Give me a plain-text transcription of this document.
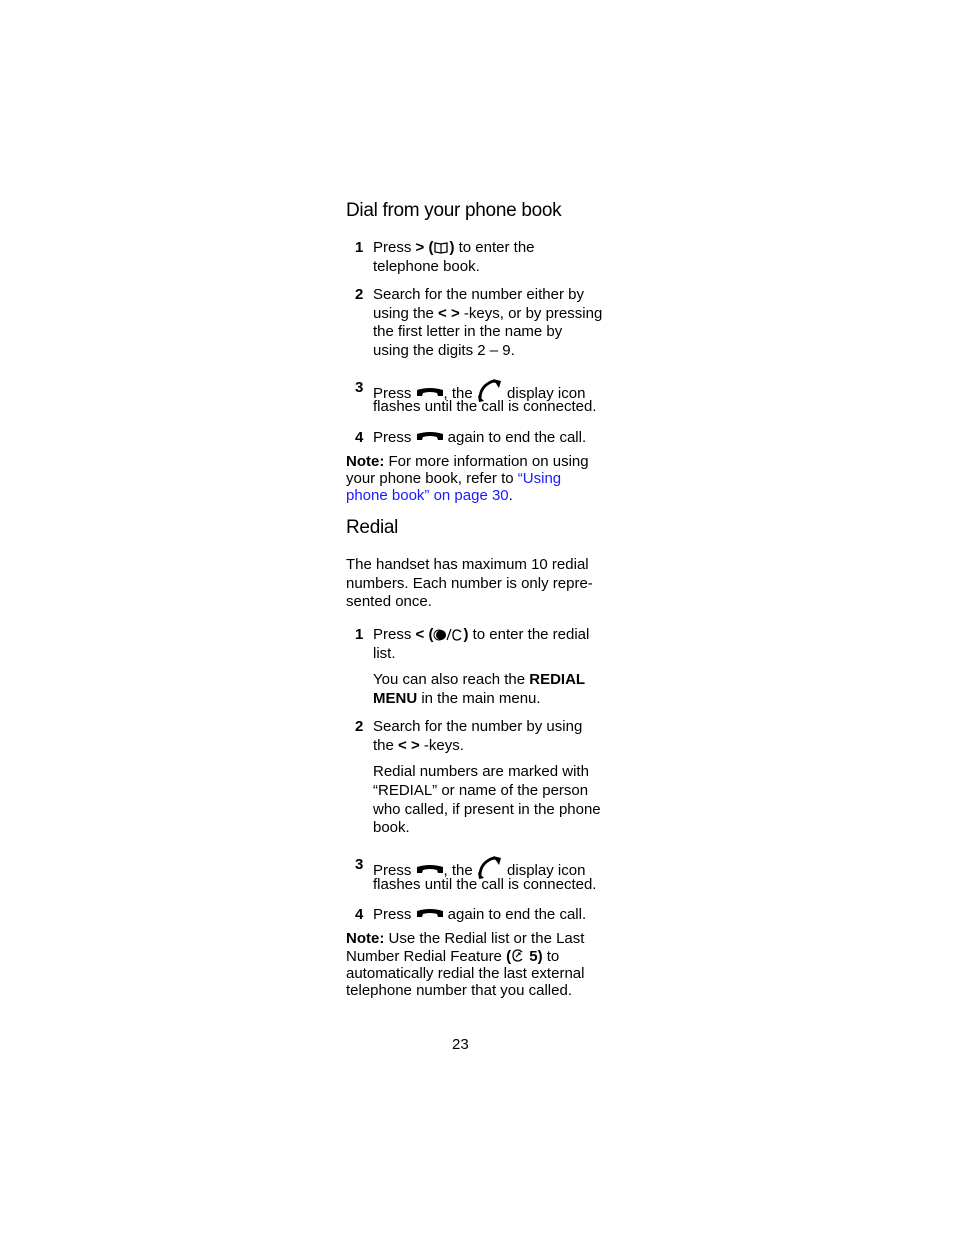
Dial from your phone book
1 Press > ( ) to enter the
telephone book.
2 Search for the number either by
using the < > -keys, or by pressing
the first letter in the name by
using the digits 2 – 9.
3 Press , the  display icon
flashes until the call is connected.
4 Press  again to end the call.
Note: For more information on using
your phone book, refer to “Using
phone book” on page 30.
Redial
The handset has maximum 10 redial
numbers. Each number is only repre-
sented once.
1 Press < ( ) to enter the redial
list.
You can also reach the REDIAL
MENU in the main menu.
2 Search for the number by using
the < > -keys.
Redial numbers are marked with
“REDIAL” or name of the person
who called, if present in the phone
book.
3 Press , the  display icon
flashes until the call is connected.
4 Press  again to end the call.
Note: Use the Redial list or the Last
Number Redial Feature ( 5) to
automatically redial the last external
telephone number that you called.
23
